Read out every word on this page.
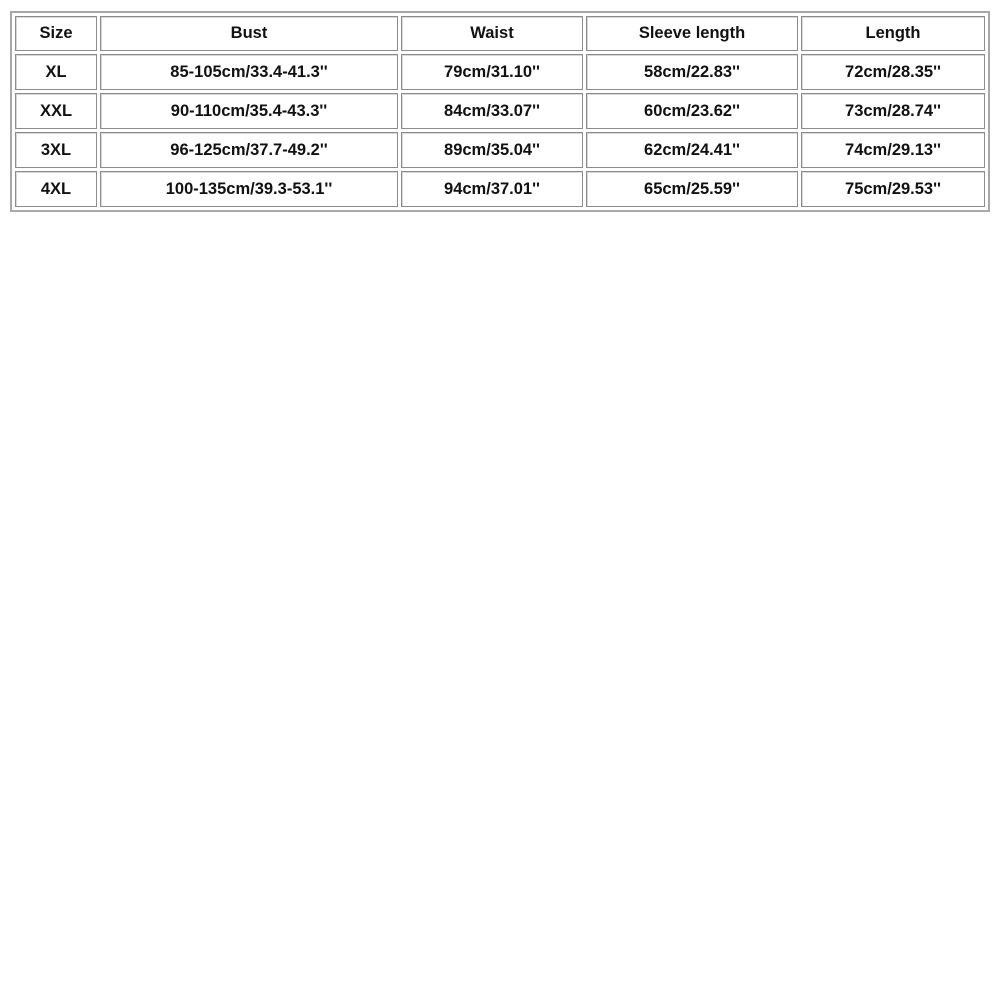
Size	Bust	Waist	Sleeve length	Length
XL	85-105cm/33.4-41.3''	79cm/31.10''	58cm/22.83''	72cm/28.35''
XXL	90-110cm/35.4-43.3''	84cm/33.07''	60cm/23.62''	73cm/28.74''
3XL	96-125cm/37.7-49.2''	89cm/35.04''	62cm/24.41''	74cm/29.13''
4XL	100-135cm/39.3-53.1''	94cm/37.01''	65cm/25.59''	75cm/29.53''
